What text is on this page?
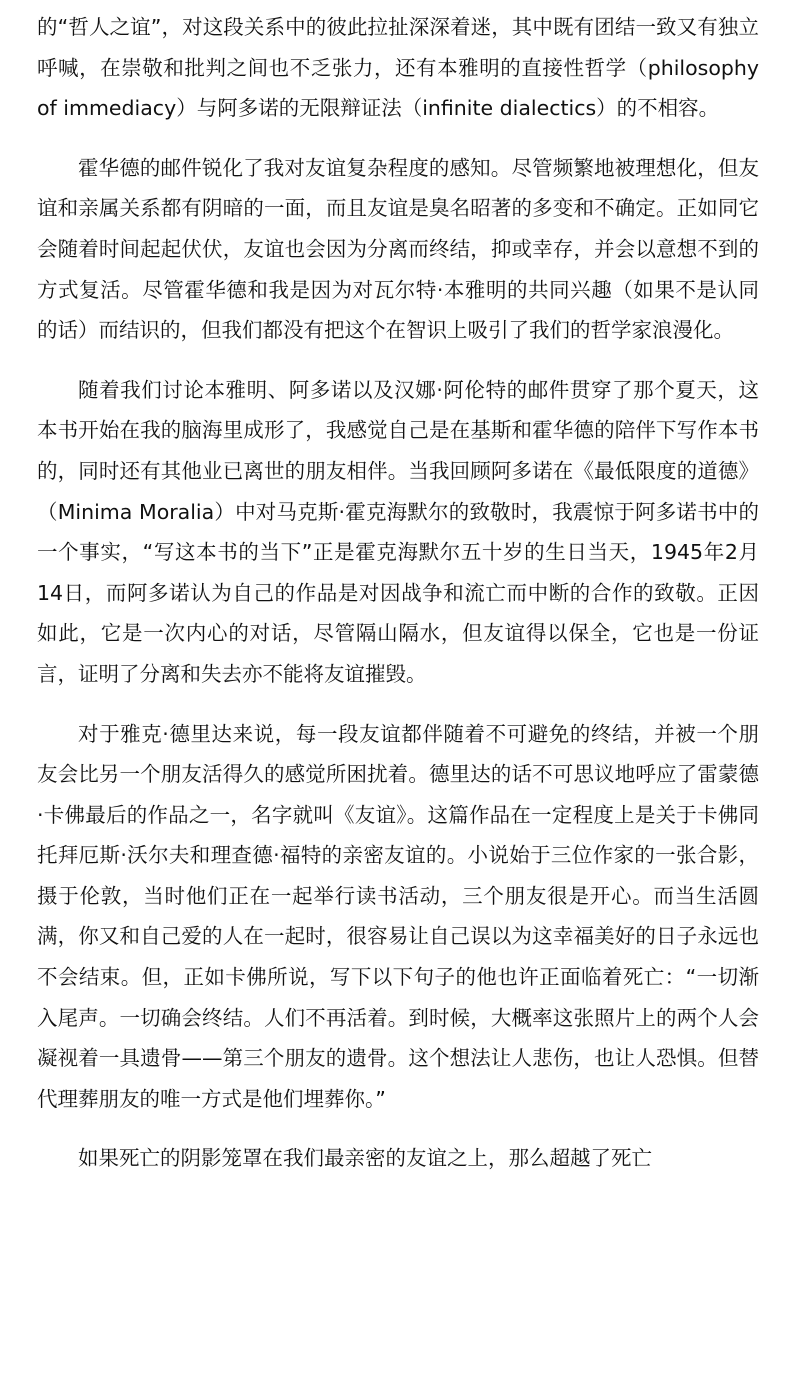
的“哲人之谊”，对这段关系中的彼此拉扯深深着迷，其中既有团结一致又有独立呼喊，在崇敬和批判之间也不乏张力，还有本雅明的直接性哲学（philosophy of immediacy）与阿多诺的无限辩证法（infinite dialectics）的不相容。

霍华德的邮件锐化了我对友谊复杂程度的感知。尽管频繁地被理想化，但友谊和亲属关系都有阴暗的一面，而且友谊是臭名昭著的多变和不确定。正如同它会随着时间起起伏伏，友谊也会因为分离而终结，抑或幸存，并会以意想不到的方式复活。尽管霍华德和我是因为对瓦尔特·本雅明的共同兴趣（如果不是认同的话）而结识的，但我们都没有把这个在智识上吸引了我们的哲学家浪漫化。

随着我们讨论本雅明、阿多诺以及汉娜·阿伦特的邮件贯穿了那个夏天，这本书开始在我的脑海里成形了，我感觉自己是在基斯和霍华德的陪伴下写作本书的，同时还有其他业已离世的朋友相伴。当我回顾阿多诺在《最低限度的道德》（Minima Moralia）中对马克斯·霍克海默尔的致敬时，我震惊于阿多诺书中的一个事实，“写这本书的当下”正是霍克海默尔五十岁的生日当天，1945年2月14日，而阿多诺认为自己的作品是对因战争和流亡而中断的合作的致敬。正因如此，它是一次内心的对话，尽管隔山隔水，但友谊得以保全，它也是一份证言，证明了分离和失去亦不能将友谊摧毁。

对于雅克·德里达来说，每一段友谊都伴随着不可避免的终结，并被一个朋友会比另一个朋友活得久的感觉所困扰着。德里达的话不可思议地呼应了雷蒙德·卡佛最后的作品之一，名字就叫《友谊》。这篇作品在一定程度上是关于卡佛同托拜厄斯·沃尔夫和理查德·福特的亲密友谊的。小说始于三位作家的一张合影，摄于伦敦，当时他们正在一起举行读书活动，三个朋友很是开心。而当生活圆满，你又和自己爱的人在一起时，很容易让自己误以为这幸福美好的日子永远也不会结束。但，正如卡佛所说，写下以下句子的他也许正面临着死亡：“一切渐入尾声。一切确会终结。人们不再活着。到时候，大概率这张照片上的两个人会凝视着一具遗骨——第三个朋友的遗骨。这个想法让人悲伤，也让人恐惧。但替代理葬朋友的唯一方式是他们埋葬你。”

如果死亡的阴影笼罩在我们最亲密的友谊之上，那么超越了死亡
